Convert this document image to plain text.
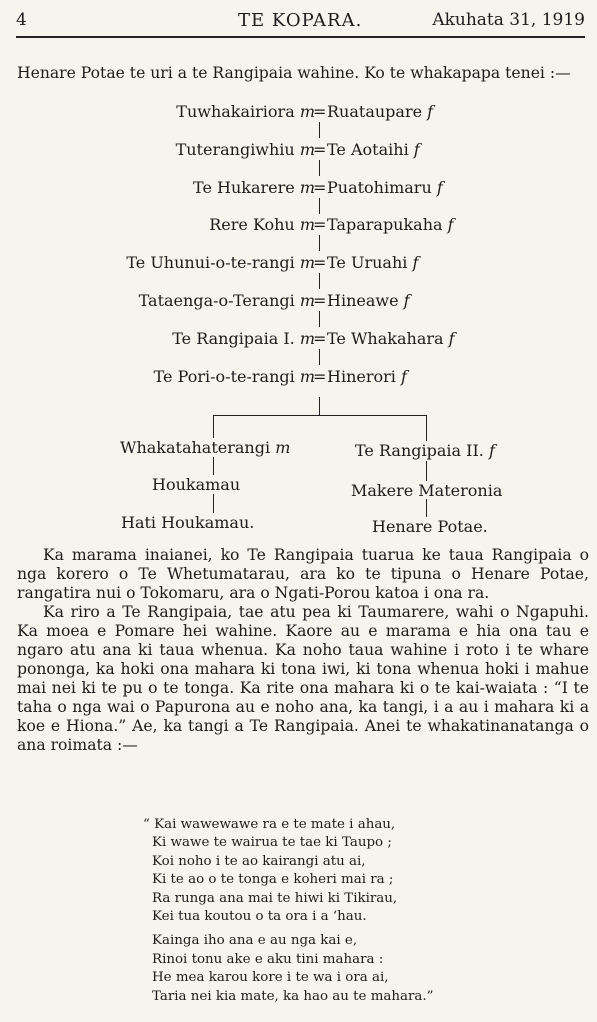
4	TE KOPARA.	Akuhata 31, 1919

Henare Potae te uri a te Rangipaia wahine. Ko te whakapapa tenei :—

Tuwhakairiora m
= Ruataupare f
Tuterangiwhiu m
= Te Aotaihi f
Te Hukarere m
= Puatohimaru f
Rere Kohu m
= Taparapukaha f
Te Uhunui-o-te-rangi m
= Te Uruahi f
Tataenga-o-Terangi m
= Hineawe f
Te Rangipaia I. m
= Te Whakahara f
Te Pori-o-te-rangi m
= Hinerori f
Whakatahaterangi m
Houkamau
Hati Houkamau.
Te Rangipaia II. f
Makere Materonia
Henare Potae.

Ka marama inaianei, ko Te Rangipaia tuarua ke taua Rangipaia o nga korero o Te Whetumatarau, ara ko te tipuna o Henare Potae, rangatira nui o Tokomaru, ara o Ngati-Porou katoa i ona ra.

Ka riro a Te Rangipaia, tae atu pea ki Taumarere, wahi o Ngapuhi. Ka moea e Pomare hei wahine. Kaore au e marama e hia ona tau e ngaro atu ana ki taua whenua. Ka noho taua wahine i roto i te whare pononga, ka hoki ona mahara ki tona iwi, ki tona whenua hoki i mahue mai nei ki te pu o te tonga. Ka rite ona mahara ki o te kai-waiata : “I te taha o nga wai o Papurona au e noho ana, ka tangi, i a au i mahara ki a koe e Hiona.” Ae, ka tangi a Te Rangipaia. Anei te whakatinanatanga o ana roimata :—

“ Kai wawewawe ra e te mate i ahau,
Ki wawe te wairua te tae ki Taupo ;
Koi noho i te ao kairangi atu ai,
Ki te ao o te tonga e koheri mai ra ;
Ra runga ana mai te hiwi ki Tikirau,
Kei tua koutou o ta ora i a ‘hau.
Kainga iho ana e au nga kai e,
Rinoi tonu ake e aku tini mahara :
He mea karou kore i te wa i ora ai,
Taria nei kia mate, ka hao au te mahara.”
